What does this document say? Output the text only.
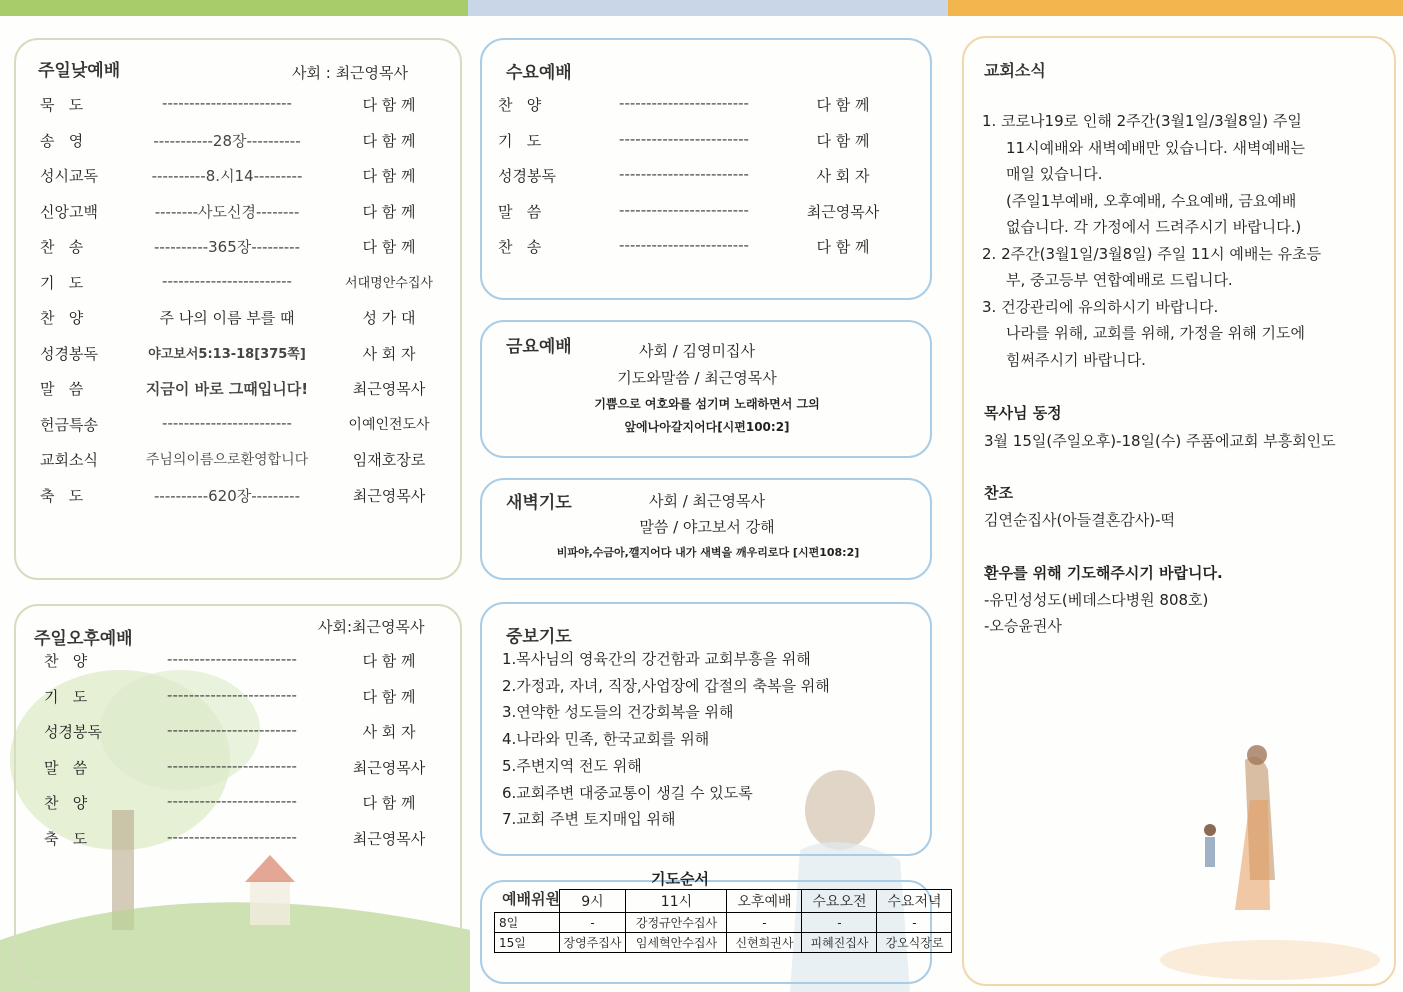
주일낮예배	사회 : 최근영목사
묵   도	------------------------	다 함 께
송   영	-----------28장----------	다 함 께
성시교독	----------8.시14---------	다 함 께
신앙고백	--------사도신경--------	다 함 께
찬   송	----------365장---------	다 함 께
기   도	------------------------	서대명안수집사
찬   양	주 나의 이름 부를 때	성 가 대
성경봉독	야고보서5:13-18[375쪽]	사 회 자
말   씀	지금이 바로 그때입니다!	최근영목사
헌금특송	------------------------	이예인전도사
교회소식	주님의이름으로환영합니다	임재호장로
축   도	----------620장---------	최근영목사
주일오후예배
사회:최근영목사
찬   양	------------------------	다 함 께
기   도	------------------------	다 함 께
성경봉독	------------------------	사 회 자
말   씀	------------------------	최근영목사
찬   양	------------------------	다 함 께
축   도	------------------------	최근영목사
수요예배
찬   양	------------------------	다 함 께
기   도	------------------------	다 함 께
성경봉독	------------------------	사 회 자
말   씀	------------------------	최근영목사
찬   송	------------------------	다 함 께
금요예배	사회 / 김영미집사
기도와말씀 / 최근영목사
기쁨으로 여호와를 섬기며 노래하면서 그의
앞에나아갈지어다[시편100:2]
새벽기도	사회 / 최근영목사
말씀 / 야고보서 강해
비파야,수금아,깰지어다 내가 새벽을 깨우리로다 [시편108:2]
중보기도
1.목사님의 영육간의 강건함과 교회부흥을 위해
2.가정과, 자녀, 직장,사업장에 갑절의 축복을 위해
3.연약한 성도들의 건강회복을 위해
4.나라와 민족, 한국교회를 위해
5.주변지역 전도 위해
6.교회주변 대중교통이 생길 수 있도록
7.교회 주변 토지매입 위해
기도순서
예배위원
	9시	11시	오후예배	수요오전	수요저녁
8일	-	강정규안수집사	-	-	-
15일	장영주집사	임세혁안수집사	신현희권사	피혜진집사	강오식장로
교회소식
1. 코로나19로 인해 2주간(3월1일/3월8일) 주일
11시예배와 새벽예배만 있습니다. 새벽예배는
매일 있습니다.
(주일1부예배, 오후예배, 수요예배, 금요예배
없습니다. 각 가정에서 드려주시기 바랍니다.)
2. 2주간(3월1일/3월8일) 주일 11시 예배는 유초등
부, 중고등부 연합예배로 드립니다.
3. 건강관리에 유의하시기 바랍니다.
나라를 위해, 교회를 위해, 가정을 위해 기도에
힘써주시기 바랍니다.
목사님 동정
3월 15일(주일오후)-18일(수) 주품에교회 부흥회인도
찬조
김연순집사(아들결혼감사)-떡
환우를 위해 기도해주시기 바랍니다.
-유민성성도(베데스다병원 808호)
-오승윤권사
